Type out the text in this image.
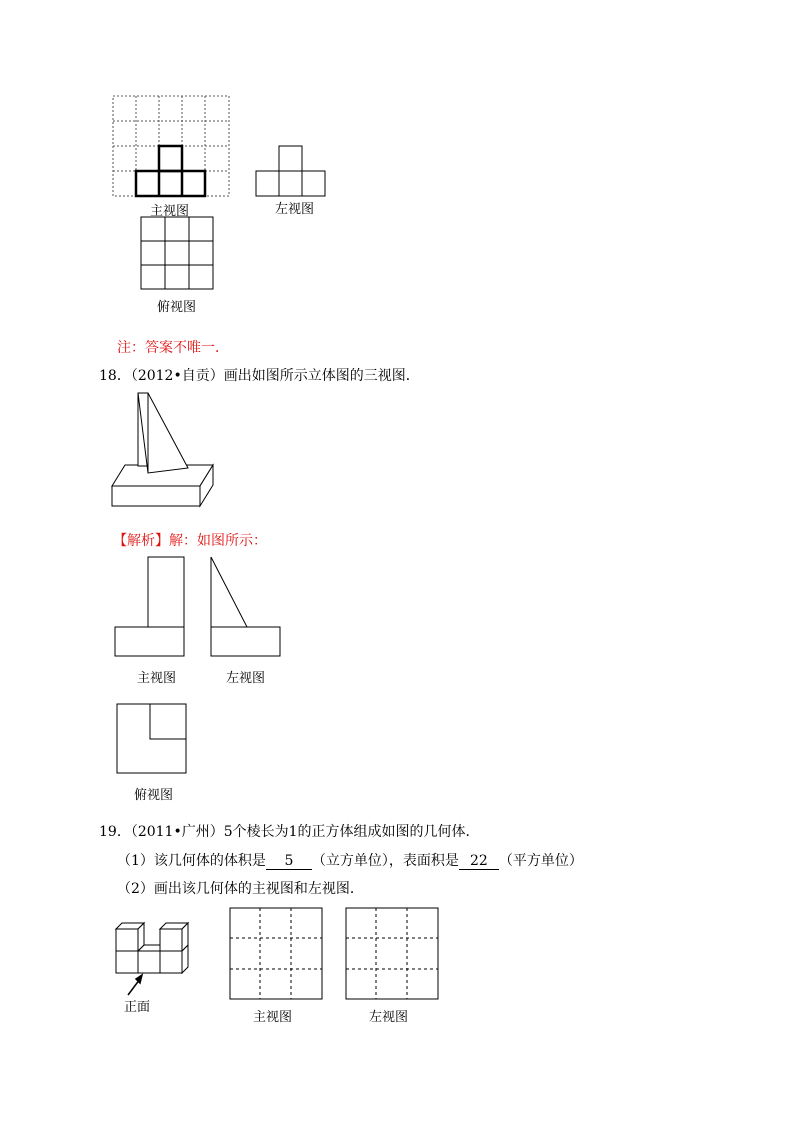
主视图	左视图
俯视图
注：答案不唯一．
18．（2012•自贡）画出如图所示立体图的三视图．
【解析】解：如图所示：
主视图	左视图
俯视图
19．（2011•广州）5个棱长为1的正方体组成如图的几何体．
（1）该几何体的体积是 5 （立方单位），表面积是 22 （平方单位）
（2）画出该几何体的主视图和左视图．
正面
主视图	左视图
